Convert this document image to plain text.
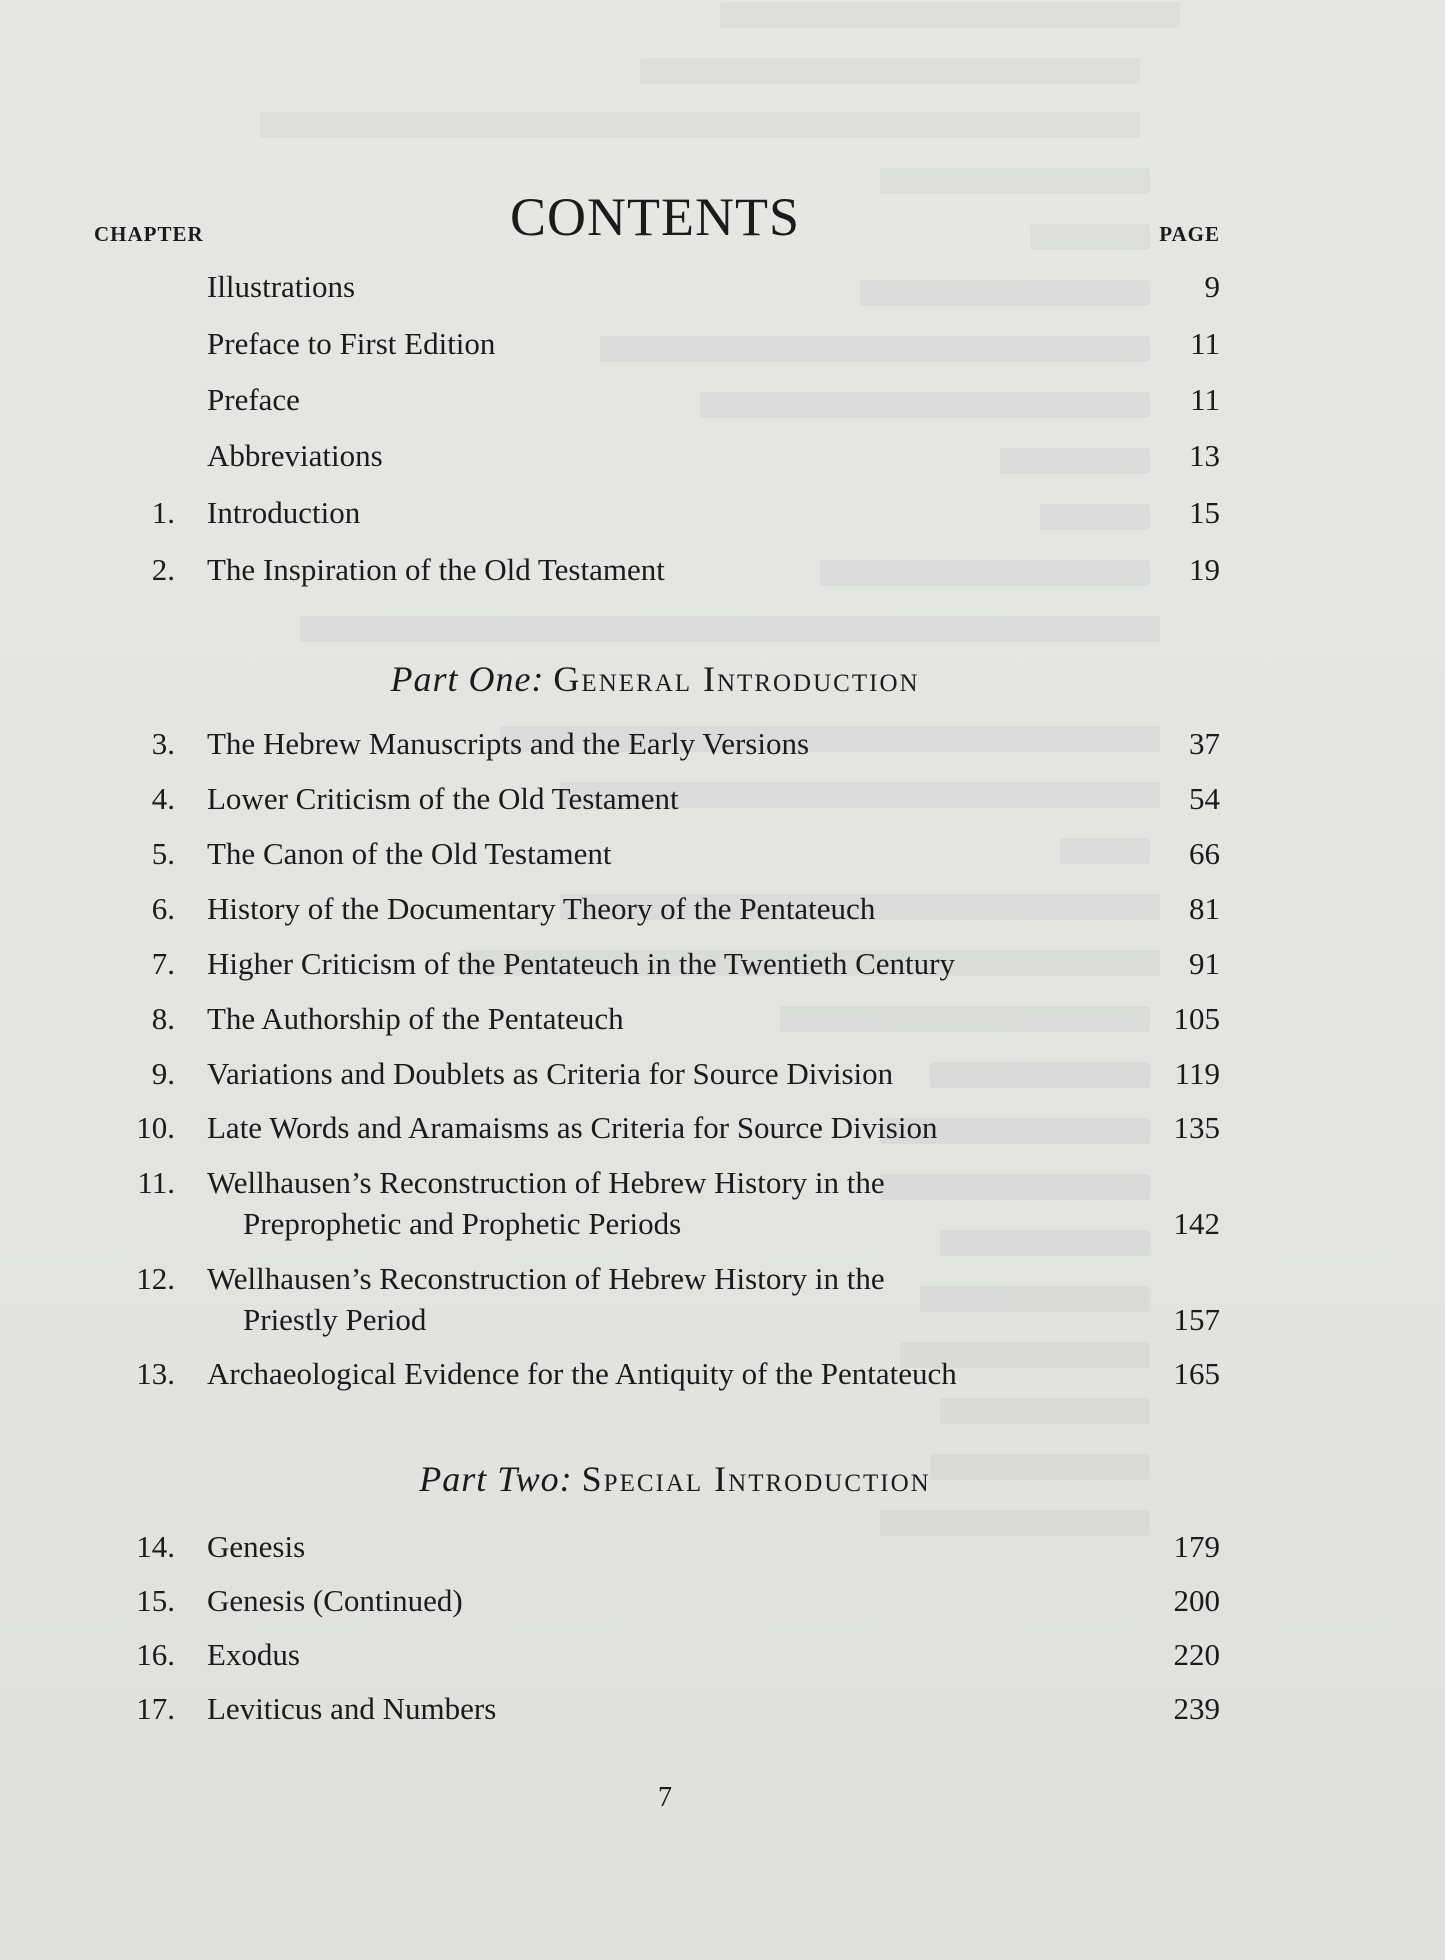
CONTENTS
CHAPTER	PAGE
Illustrations	9
Preface to First Edition	11
Preface	11
Abbreviations	13
1. Introduction	15
2. The Inspiration of the Old Testament	19
Part One: General Introduction
3. The Hebrew Manuscripts and the Early Versions	37
4. Lower Criticism of the Old Testament	54
5. The Canon of the Old Testament	66
6. History of the Documentary Theory of the Pentateuch	81
7. Higher Criticism of the Pentateuch in the Twentieth Century	91
8. The Authorship of the Pentateuch	105
9. Variations and Doublets as Criteria for Source Division	119
10. Late Words and Aramaisms as Criteria for Source Division	135
11. Wellhausen’s Reconstruction of Hebrew History in the
Preprophetic and Prophetic Periods	142
12. Wellhausen’s Reconstruction of Hebrew History in the
Priestly Period	157
13. Archaeological Evidence for the Antiquity of the Pentateuch	165
Part Two: Special Introduction
14. Genesis	179
15. Genesis (Continued)	200
16. Exodus	220
17. Leviticus and Numbers	239
7
